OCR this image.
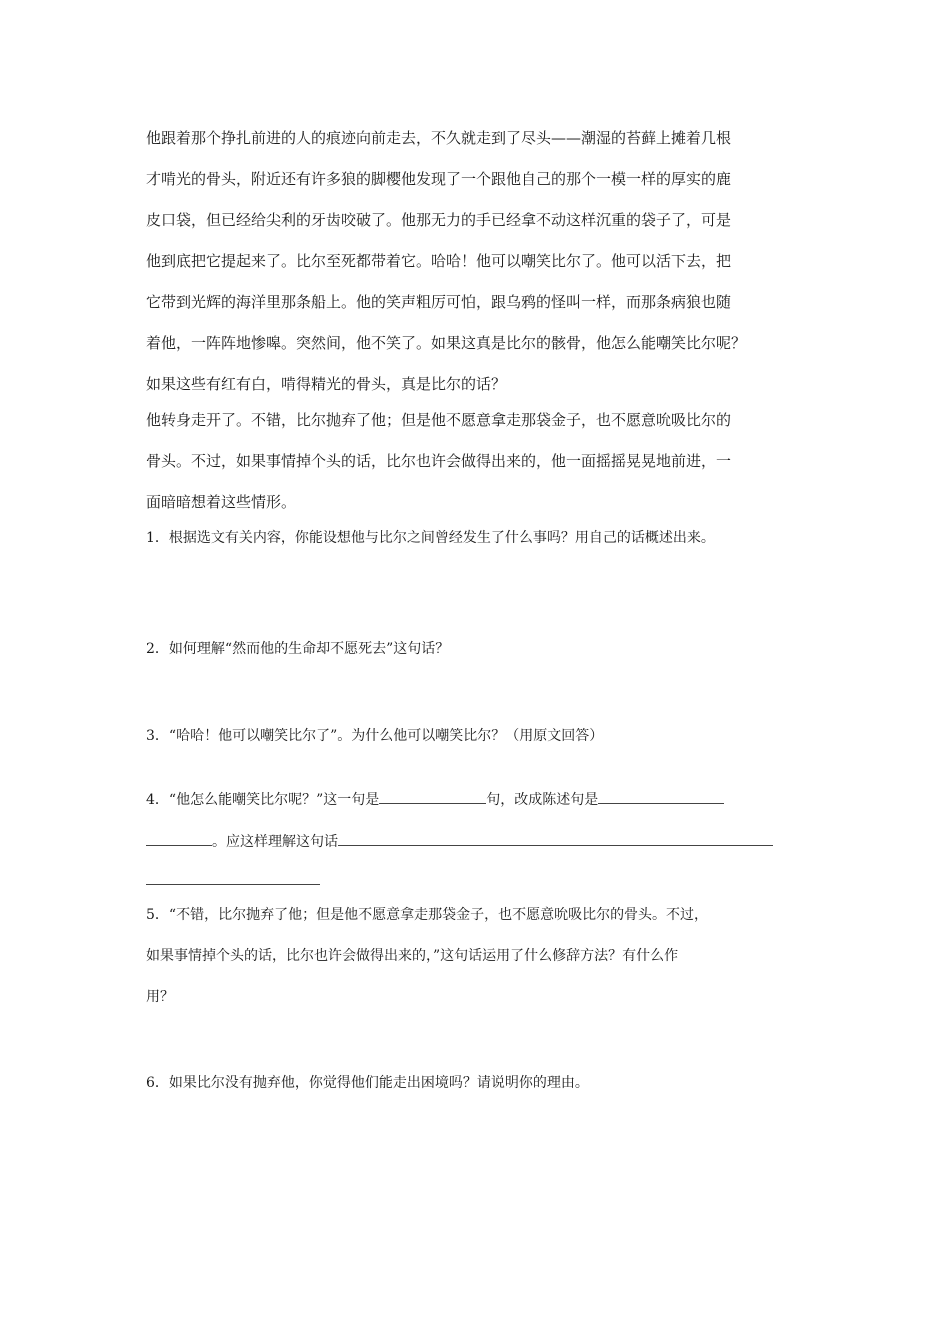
他跟着那个挣扎前进的人的痕迹向前走去，不久就走到了尽头——潮湿的苔藓上摊着几根

才啃光的骨头，附近还有许多狼的脚樱他发现了一个跟他自己的那个一模一样的厚实的鹿

皮口袋，但已经给尖利的牙齿咬破了。他那无力的手已经拿不动这样沉重的袋子了，可是

他到底把它提起来了。比尔至死都带着它。哈哈！他可以嘲笑比尔了。他可以活下去，把

它带到光辉的海洋里那条船上。他的笑声粗厉可怕，跟乌鸦的怪叫一样，而那条病狼也随

着他，一阵阵地惨嗥。突然间，他不笑了。如果这真是比尔的骸骨，他怎么能嘲笑比尔呢？

如果这些有红有白，啃得精光的骨头，真是比尔的话？

他转身走开了。不错，比尔抛弃了他；但是他不愿意拿走那袋金子，也不愿意吮吸比尔的

骨头。不过，如果事情掉个头的话，比尔也许会做得出来的，他一面摇摇晃晃地前进，一

面暗暗想着这些情形。

1．根据选文有关内容，你能设想他与比尔之间曾经发生了什么事吗？用自己的话概述出来。

2．如何理解“然而他的生命却不愿死去”这句话？

3．“哈哈！他可以嘲笑比尔了”。为什么他可以嘲笑比尔？（用原文回答）

4．“他怎么能嘲笑比尔呢？”这一句是	句，改成陈述句是

。应这样理解这句话

5．“不错，比尔抛弃了他；但是他不愿意拿走那袋金子，也不愿意吮吸比尔的骨头。不过，

如果事情掉个头的话，比尔也许会做得出来的，”这句话运用了什么修辞方法？有什么作

用？

6．如果比尔没有抛弃他，你觉得他们能走出困境吗？请说明你的理由。
